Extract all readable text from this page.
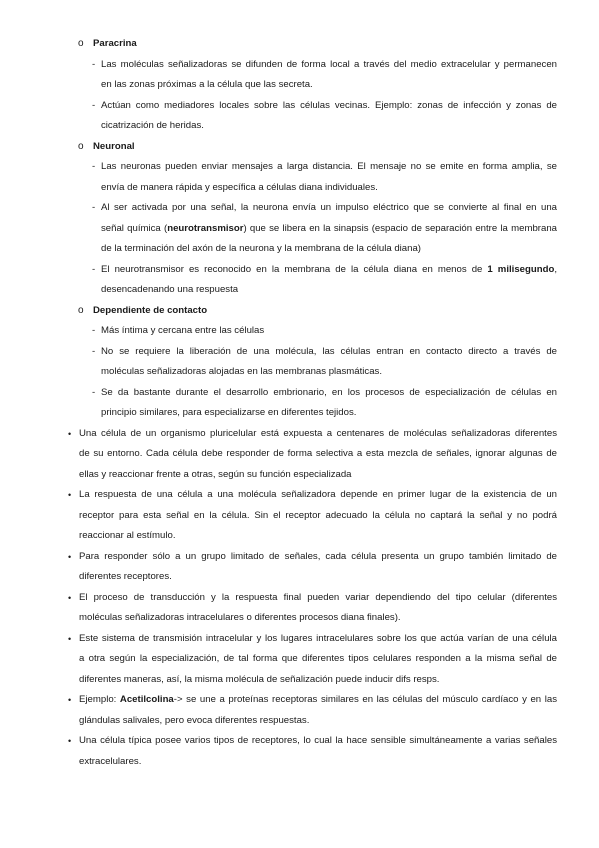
o Paracrina
- Las moléculas señalizadoras se difunden de forma local a través del medio extracelular y permanecen
en las zonas próximas a la célula que las secreta.
- Actúan como mediadores locales sobre las células vecinas. Ejemplo: zonas de infección y zonas de
cicatrización de heridas.
o Neuronal
- Las neuronas pueden enviar mensajes a larga distancia. El mensaje no se emite en forma amplia, se
envía de manera rápida y específica a células diana individuales.
- Al ser activada por una señal, la neurona envía un impulso eléctrico que se convierte al final en una
señal química (neurotransmisor) que se libera en la sinapsis (espacio de separación entre la membrana
de la terminación del axón de la neurona y la membrana de la célula diana)
- El neurotransmisor es reconocido en la membrana de la célula diana en menos de 1 milisegundo,
desencadenando una respuesta
o Dependiente de contacto
- Más íntima y cercana entre las células
- No se requiere la liberación de una molécula, las células entran en contacto directo a través de
moléculas señalizadoras alojadas en las membranas plasmáticas.
- Se da bastante durante el desarrollo embrionario, en los procesos de especialización de células en
principio similares, para especializarse en diferentes tejidos.
• Una célula de un organismo pluricelular está expuesta a centenares de moléculas señalizadoras diferentes
de su entorno. Cada célula debe responder de forma selectiva a esta mezcla de señales, ignorar algunas de
ellas y reaccionar frente a otras, según su función especializada
• La respuesta de una célula a una molécula señalizadora depende en primer lugar de la existencia de un
receptor para esta señal en la célula. Sin el receptor adecuado la célula no captará la señal y no podrá
reaccionar al estímulo.
• Para responder sólo a un grupo limitado de señales, cada célula presenta un grupo también limitado de
diferentes receptores.
• El proceso de transducción y la respuesta final pueden variar dependiendo del tipo celular (diferentes
moléculas señalizadoras intracelulares o diferentes procesos diana finales).
• Este sistema de transmisión intracelular y los lugares intracelulares sobre los que actúa varían de una célula
a otra según la especialización, de tal forma que diferentes tipos celulares responden a la misma señal de
diferentes maneras, así, la misma molécula de señalización puede inducir difs resps.
• Ejemplo: Acetilcolina-> se une a proteínas receptoras similares en las células del músculo cardíaco y en las
glándulas salivales, pero evoca diferentes respuestas.
• Una célula típica posee varios tipos de receptores, lo cual la hace sensible simultáneamente a varias señales
extracelulares.
